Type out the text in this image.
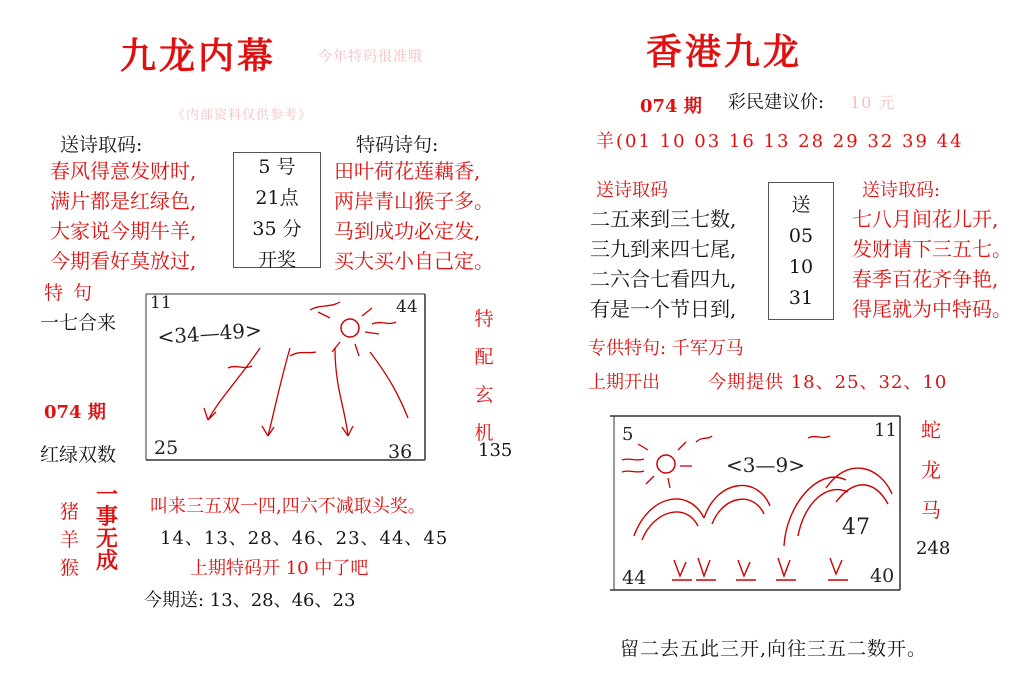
九龙内幕	今年特码很准哦
《内部资料仅供参考》
送诗取码:
春风得意发财时,
满片都是红绿色,
大家说今期牛羊,
今期看好莫放过,
5 号
21点
35 分
开奖
特码诗句:
田叶荷花莲藕香,
两岸青山猴子多。
马到成功必定发,
买大买小自己定。
特 句
一七合来
074 期
红绿双数
11	44
25	36
<34—49>	特
配
玄
机
135
猪
羊
猴
一
事
无
成
叫来三五双一四,四六不减取头奖。
14、13、28、46、23、44、45
上期特码开 10 中了吧
今期送: 13、28、46、23
香港九龙
074 期 彩民建议价: 10 元
羊(01 10 03 16 13 28 29 32 39 44
送诗取码	送诗取码:
二五来到三七数,
三九到来四七尾,
二六合七看四九,
有是一个节日到,
送
05
10
31
七八月间花儿开,
发财请下三五七。
春季百花齐争艳,
得尾就为中特码。
专供特句: 千军万马
上期开出	今期提供 18、25、32、10
5	11
44	40
<3—9>
47
蛇
龙
马
248
留二去五此三开,向往三五二数开。
